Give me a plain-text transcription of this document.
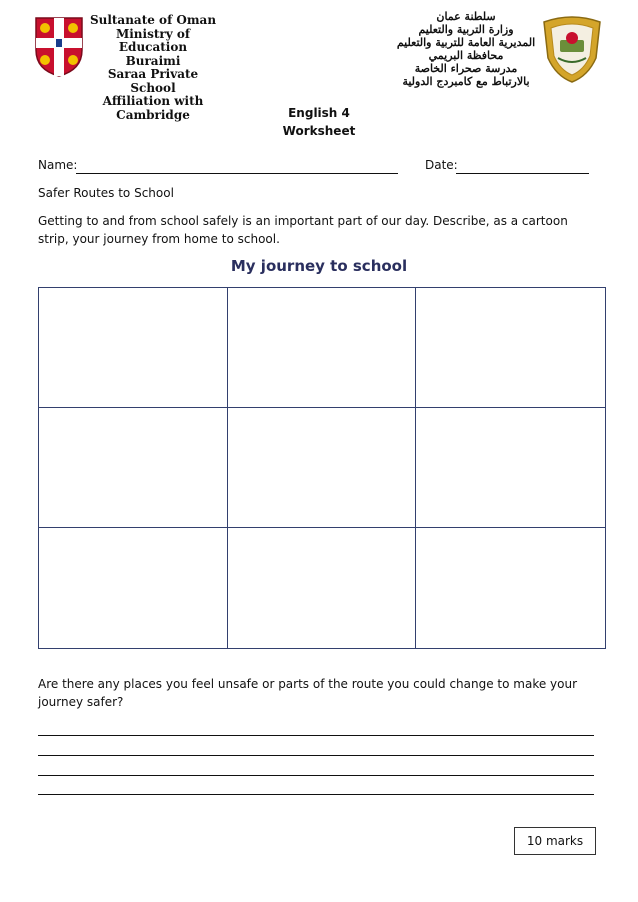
Sultanate of Oman
Ministry of Education
Buraimi
Saraa Private School
Affiliation with Cambridge
سلطنة عمان
وزارة التربية والتعليم
المديرية العامة للتربية والتعليم
محافظة البريمي
مدرسة صحراء الخاصة
بالارتباط مع كامبردج الدولية
English 4
Worksheet
Name:	Date:
Safer Routes to School
Getting to and from school safely is an important part of our day. Describe, as a cartoon strip, your journey from home to school.
My journey to school
Are there any places you feel unsafe or parts of the route you could change to make your journey safer?
10 marks
